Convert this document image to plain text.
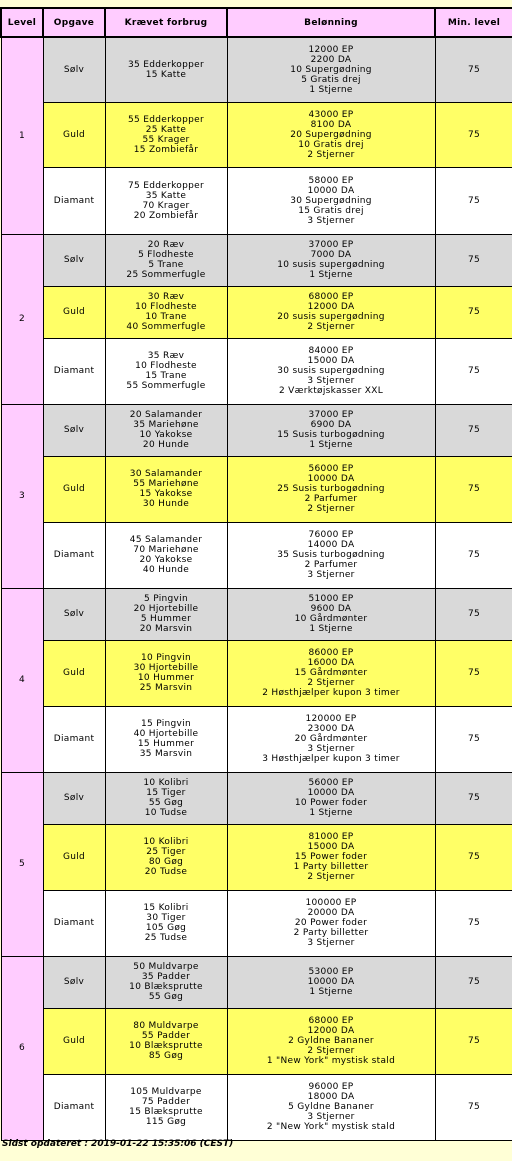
Level	Opgave	Krævet forbrug	Belønning	Min. level
1	Sølv	35 Edderkopper
15 Katte	12000 EP
2200 DA
10 Supergødning
5 Gratis drej
1 Stjerne	75
	Guld	55 Edderkopper
25 Katte
55 Krager
15 Zombiefår	43000 EP
8100 DA
20 Supergødning
10 Gratis drej
2 Stjerner	75
	Diamant	75 Edderkopper
35 Katte
70 Krager
20 Zombiefår	58000 EP
10000 DA
30 Supergødning
15 Gratis drej
3 Stjerner	75
2	Sølv	20 Ræv
5 Flodheste
5 Trane
25 Sommerfugle	37000 EP
7000 DA
10 susis supergødning
1 Stjerne	75
	Guld	30 Ræv
10 Flodheste
10 Trane
40 Sommerfugle	68000 EP
12000 DA
20 susis supergødning
2 Stjerner	75
	Diamant	35 Ræv
10 Flodheste
15 Trane
55 Sommerfugle	84000 EP
15000 DA
30 susis supergødning
3 Stjerner
2 Værktøjskasser XXL	75
3	Sølv	20 Salamander
35 Mariehøne
10 Yakokse
20 Hunde	37000 EP
6900 DA
15 Susis turbogødning
1 Stjerne	75
	Guld	30 Salamander
55 Mariehøne
15 Yakokse
30 Hunde	56000 EP
10000 DA
25 Susis turbogødning
2 Parfumer
2 Stjerner	75
	Diamant	45 Salamander
70 Mariehøne
20 Yakokse
40 Hunde	76000 EP
14000 DA
35 Susis turbogødning
2 Parfumer
3 Stjerner	75
4	Sølv	5 Pingvin
20 Hjortebille
5 Hummer
20 Marsvin	51000 EP
9600 DA
10 Gårdmønter
1 Stjerne	75
	Guld	10 Pingvin
30 Hjortebille
10 Hummer
25 Marsvin	86000 EP
16000 DA
15 Gårdmønter
2 Stjerner
2 Høsthjælper kupon 3 timer	75
	Diamant	15 Pingvin
40 Hjortebille
15 Hummer
35 Marsvin	120000 EP
23000 DA
20 Gårdmønter
3 Stjerner
3 Høsthjælper kupon 3 timer	75
5	Sølv	10 Kolibri
15 Tiger
55 Gøg
10 Tudse	56000 EP
10000 DA
10 Power foder
1 Stjerne	75
	Guld	10 Kolibri
25 Tiger
80 Gøg
20 Tudse	81000 EP
15000 DA
15 Power foder
1 Party billetter
2 Stjerner	75
	Diamant	15 Kolibri
30 Tiger
105 Gøg
25 Tudse	100000 EP
20000 DA
20 Power foder
2 Party billetter
3 Stjerner	75
6	Sølv	50 Muldvarpe
35 Padder
10 Blæksprutte
55 Gøg	53000 EP
10000 DA
1 Stjerne	75
	Guld	80 Muldvarpe
55 Padder
10 Blæksprutte
85 Gøg	68000 EP
12000 DA
2 Gyldne Bananer
2 Stjerner
1 "New York" mystisk stald	75
	Diamant	105 Muldvarpe
75 Padder
15 Blæksprutte
115 Gøg	96000 EP
18000 DA
5 Gyldne Bananer
3 Stjerner
2 "New York" mystisk stald	75
Sidst opdateret : 2019-01-22 15:35:06 (CEST)
